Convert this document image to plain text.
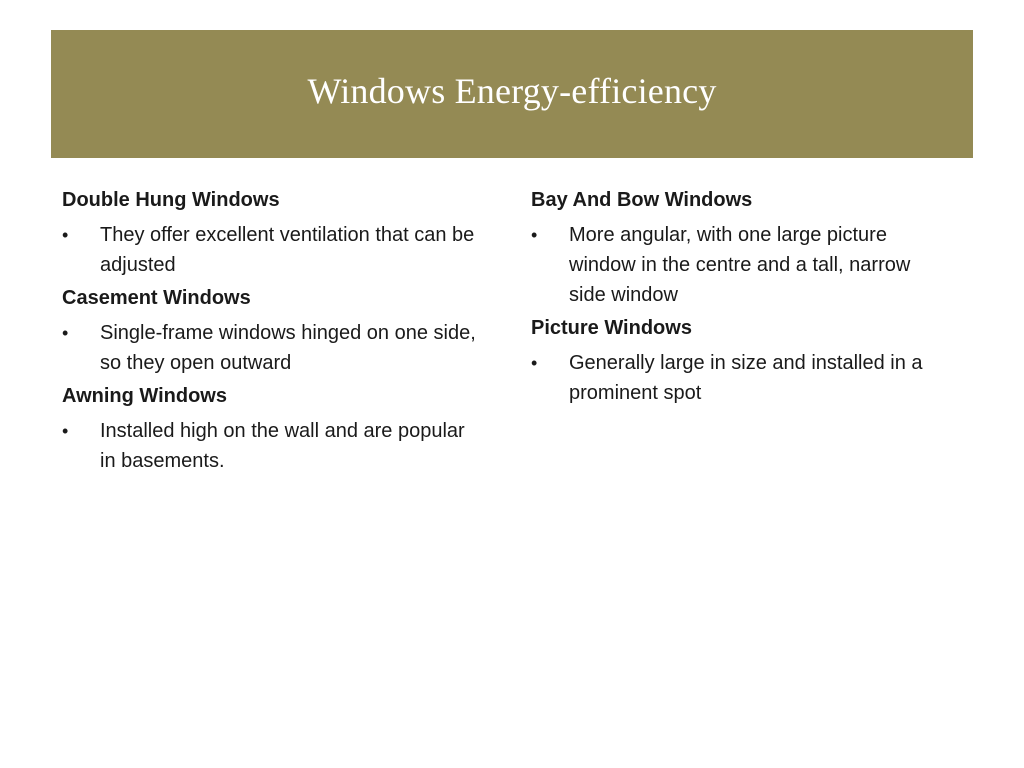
Windows Energy-efficiency
Double Hung Windows
•	They offer excellent ventilation that can be adjusted
Casement Windows
•	Single-frame windows hinged on one side, so they open outward
Awning Windows
•	Installed high on the wall and are popular in basements.
Bay And Bow Windows
•	More angular, with one large picture window in the centre and a tall, narrow side window
Picture Windows
•	Generally large in size and installed in a prominent spot
